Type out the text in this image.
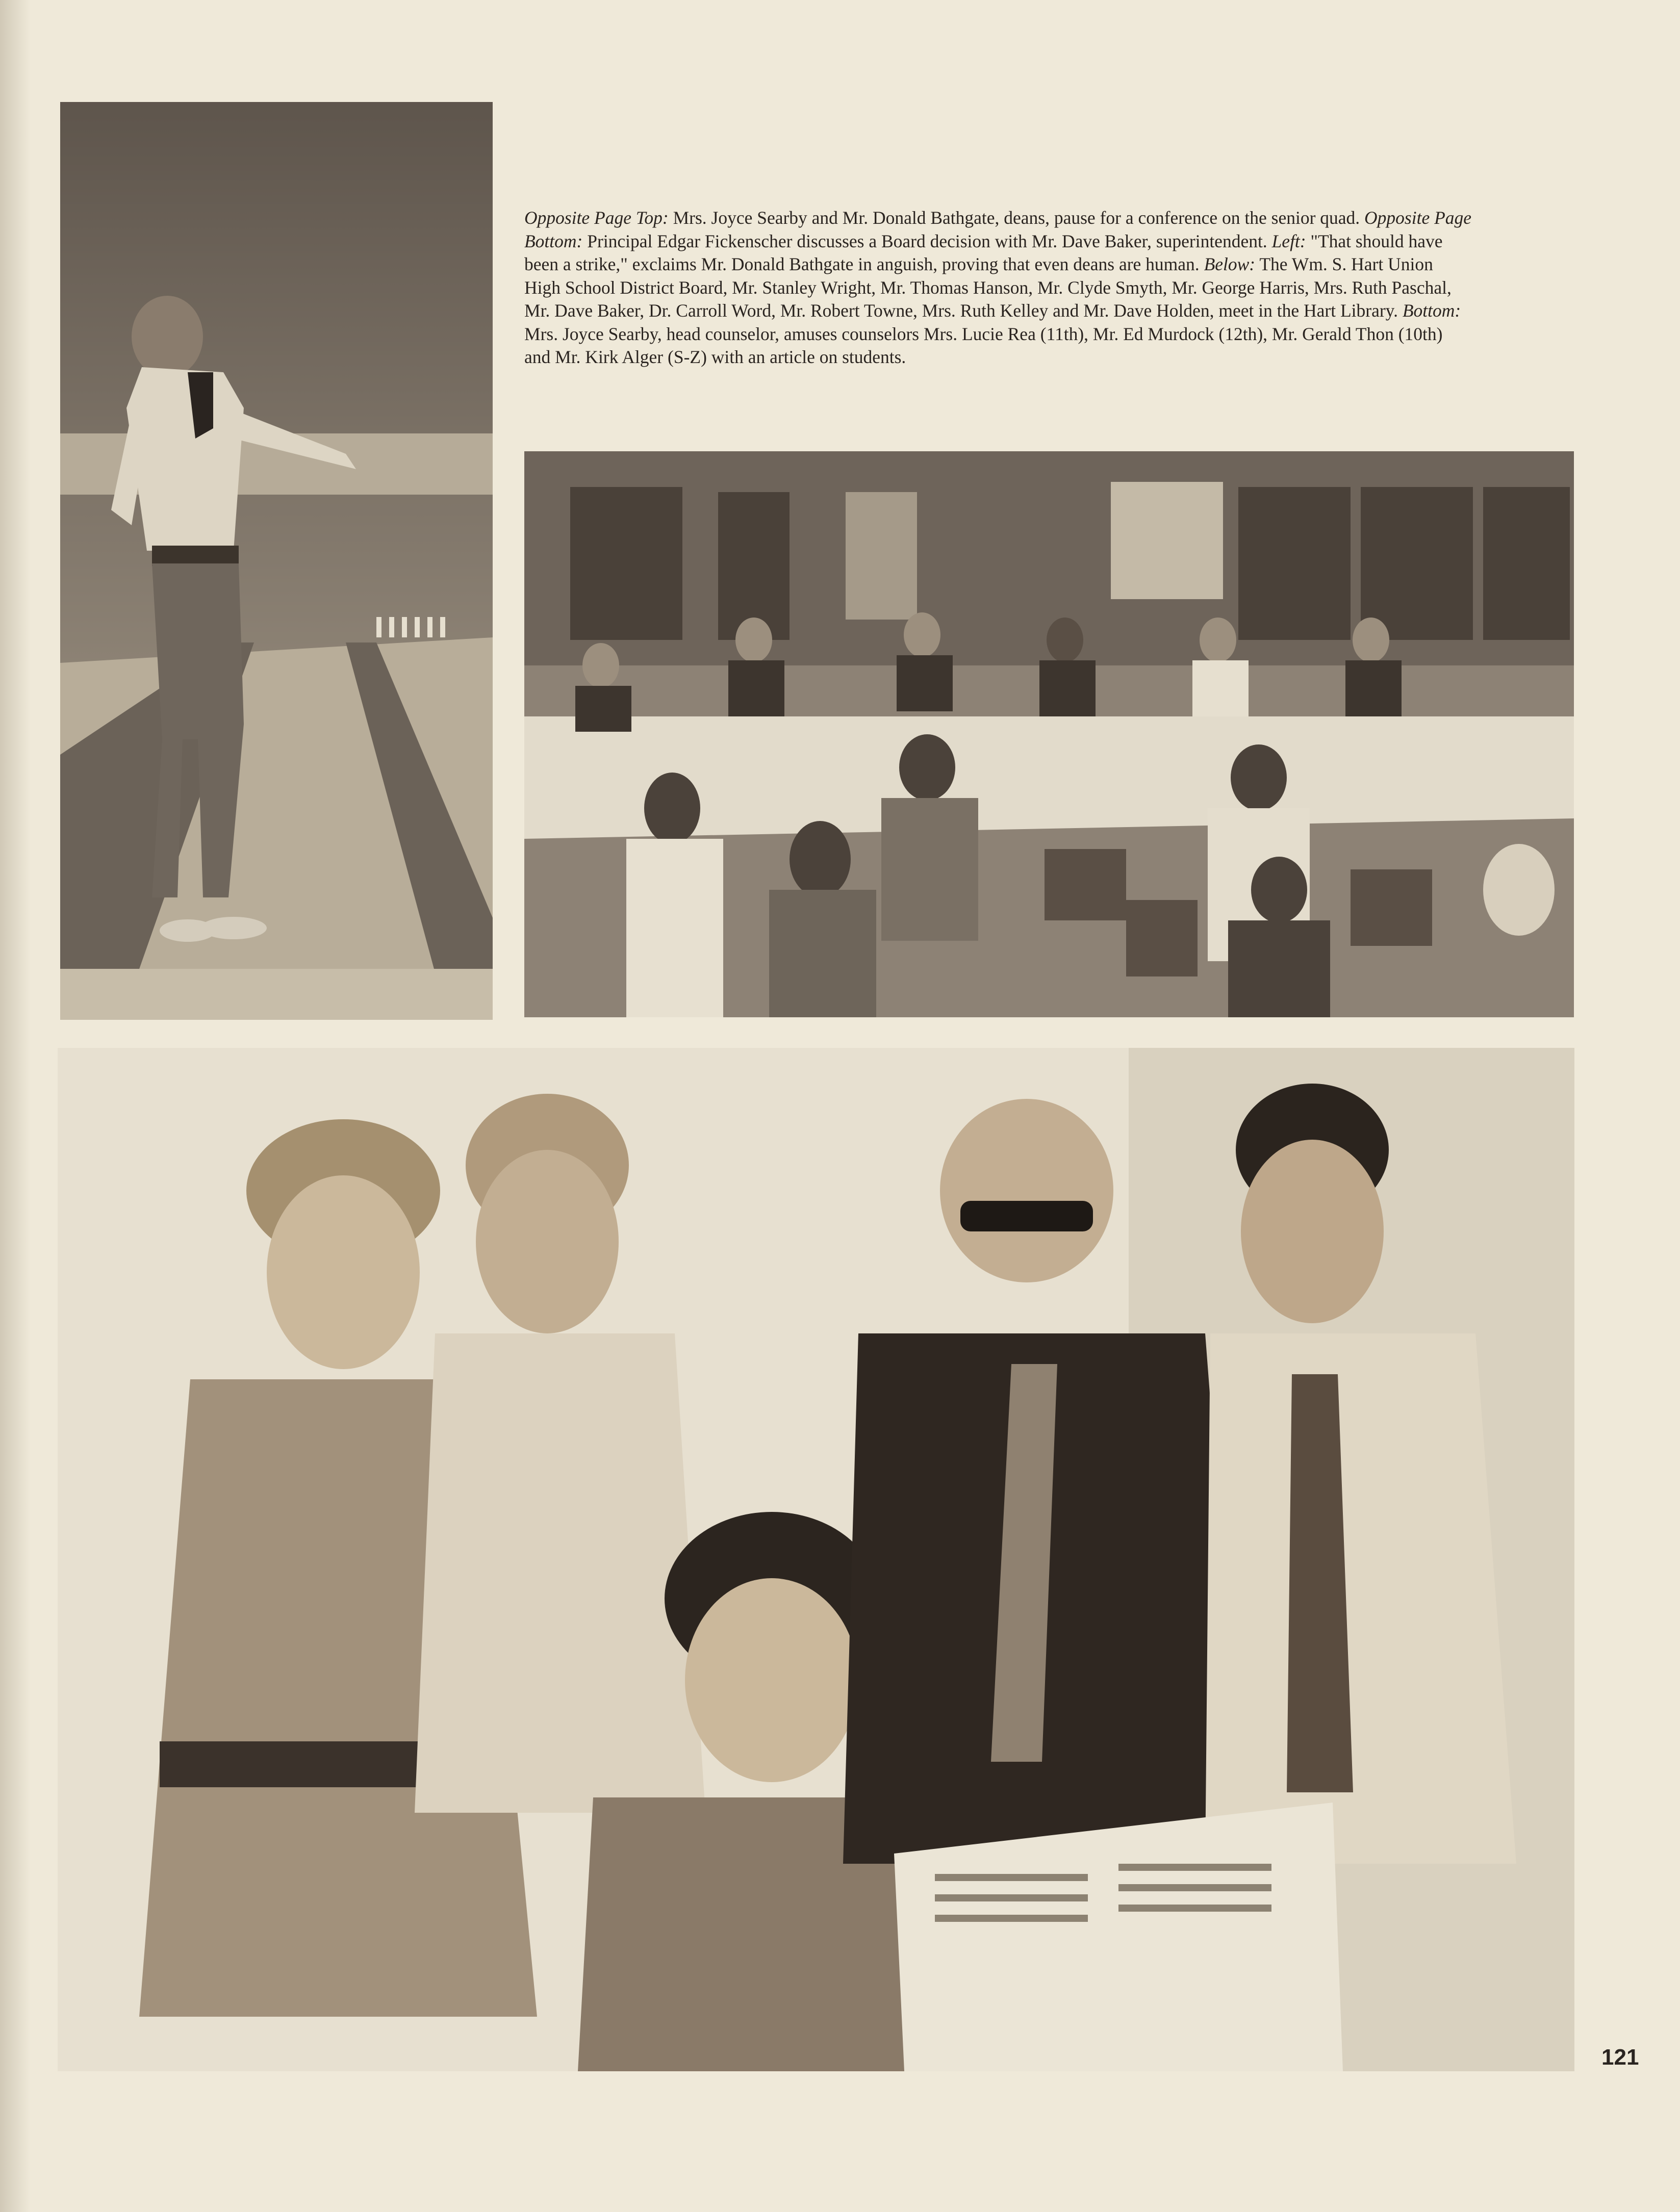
Opposite Page Top: Mrs. Joyce Searby and Mr. Donald Bathgate, deans, pause for a conference on the senior quad. Opposite Page Bottom: Principal Edgar Fickenscher discusses a Board decision with Mr. Dave Baker, superintendent. Left: "That should have been a strike," exclaims Mr. Donald Bathgate in anguish, proving that even deans are human. Below: The Wm. S. Hart Union High School District Board, Mr. Stanley Wright, Mr. Thomas Hanson, Mr. Clyde Smyth, Mr. George Harris, Mrs. Ruth Paschal, Mr. Dave Baker, Dr. Carroll Word, Mr. Robert Towne, Mrs. Ruth Kelley and Mr. Dave Holden, meet in the Hart Library. Bottom: Mrs. Joyce Searby, head counselor, amuses counselors Mrs. Lucie Rea (11th), Mr. Ed Murdock (12th), Mr. Gerald Thon (10th) and Mr. Kirk Alger (S-Z) with an article on students.

121
